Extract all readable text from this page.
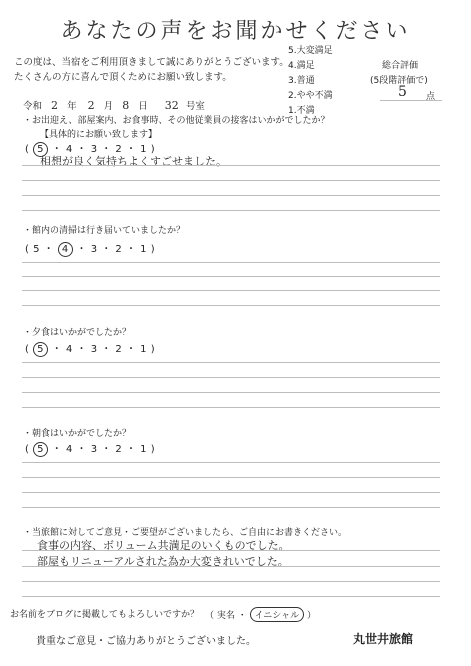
あなたの声をお聞かせください
この度は、当宿をご利用頂きまして誠にありがとうございます。
たくさんの方に喜んで頂くためにお願い致します。
5.大変満足
4.満足
3.普通
2.やや不満
1.不満
総合評価
(5段階評価で)
5 点
令和 2 年 2 月 8 日 32 号室
・お出迎え、部屋案内、お食事時、その他従業員の接客はいかがでしたか？
【具体的にお願い致します】
( 5 ・ 4 ・ 3 ・ 2 ・ 1 )
相想が良く気持ちよくすごせました。
・館内の清掃は行き届いていましたか？
( 5 ・ 4 ・ 3 ・ 2 ・ 1 )
・夕食はいかがでしたか？
( 5 ・ 4 ・ 3 ・ 2 ・ 1 )
・朝食はいかがでしたか？
( 5 ・ 4 ・ 3 ・ 2 ・ 1 )
・当旅館に対してご意見・ご要望がございましたら、ご自由にお書きください。
食事の内容、ボリューム共満足のいくものでした。
部屋もリニューアルされた為か大変きれいでした。
お名前をブログに掲載してもよろしいですか？ （ 実名 ・ イニシャル ）
貴重なご意見・ご協力ありがとうございました。	丸世井旅館
